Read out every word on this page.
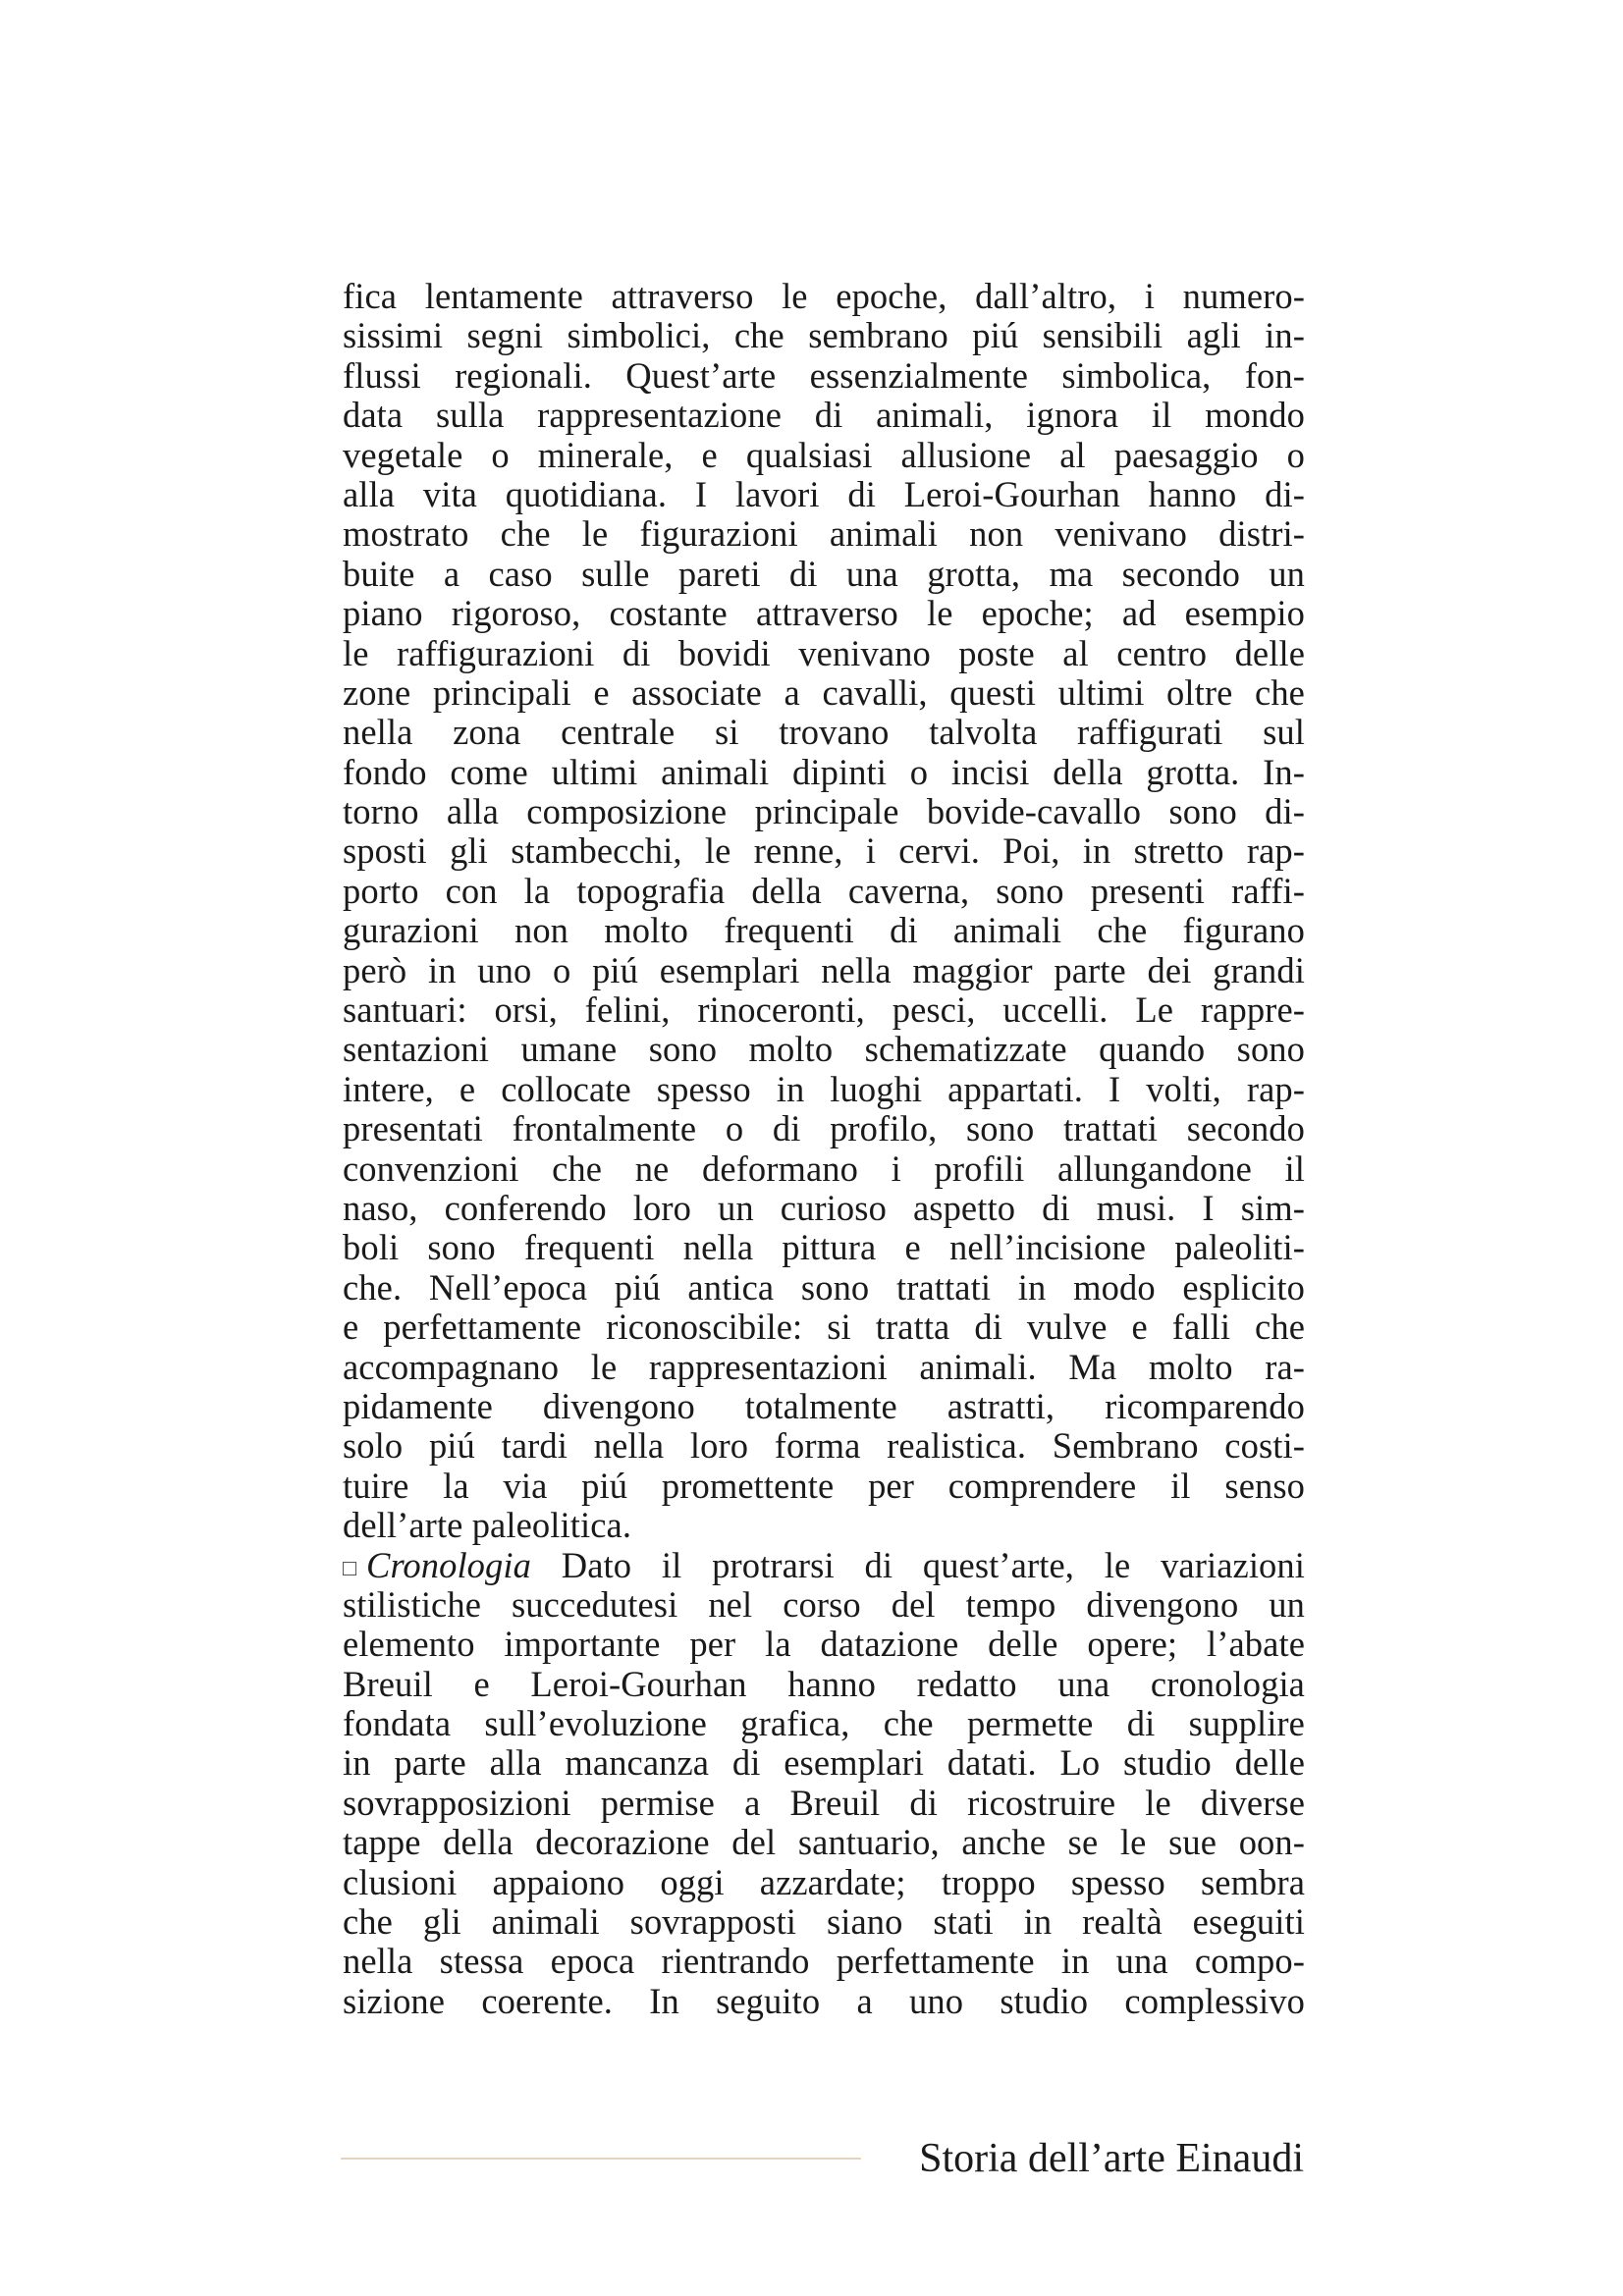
fica lentamente attraverso le epoche, dall’altro, i numero-
sissimi segni simbolici, che sembrano piú sensibili agli in-
flussi regionali. Quest’arte essenzialmente simbolica, fon-
data sulla rappresentazione di animali, ignora il mondo
vegetale o minerale, e qualsiasi allusione al paesaggio o
alla vita quotidiana. I lavori di Leroi-Gourhan hanno di-
mostrato che le figurazioni animali non venivano distri-
buite a caso sulle pareti di una grotta, ma secondo un
piano rigoroso, costante attraverso le epoche; ad esempio
le raffigurazioni di bovidi venivano poste al centro delle
zone principali e associate a cavalli, questi ultimi oltre che
nella zona centrale si trovano talvolta raffigurati sul
fondo come ultimi animali dipinti o incisi della grotta. In-
torno alla composizione principale bovide-cavallo sono di-
sposti gli stambecchi, le renne, i cervi. Poi, in stretto rap-
porto con la topografia della caverna, sono presenti raffi-
gurazioni non molto frequenti di animali che figurano
però in uno o piú esemplari nella maggior parte dei grandi
santuari: orsi, felini, rinoceronti, pesci, uccelli. Le rappre-
sentazioni umane sono molto schematizzate quando sono
intere, e collocate spesso in luoghi appartati. I volti, rap-
presentati frontalmente o di profilo, sono trattati secondo
convenzioni che ne deformano i profili allungandone il
naso, conferendo loro un curioso aspetto di musi. I sim-
boli sono frequenti nella pittura e nell’incisione paleoliti-
che. Nell’epoca piú antica sono trattati in modo esplicito
e perfettamente riconoscibile: si tratta di vulve e falli che
accompagnano le rappresentazioni animali. Ma molto ra-
pidamente divengono totalmente astratti, ricomparendo
solo piú tardi nella loro forma realistica. Sembrano costi-
tuire la via piú promettente per comprendere il senso
dell’arte paleolitica.
Cronologia Dato il protrarsi di quest’arte, le variazioni
stilistiche succedutesi nel corso del tempo divengono un
elemento importante per la datazione delle opere; l’abate
Breuil e Leroi-Gourhan hanno redatto una cronologia
fondata sull’evoluzione grafica, che permette di supplire
in parte alla mancanza di esemplari datati. Lo studio delle
sovrapposizioni permise a Breuil di ricostruire le diverse
tappe della decorazione del santuario, anche se le sue oon-
clusioni appaiono oggi azzardate; troppo spesso sembra
che gli animali sovrapposti siano stati in realtà eseguiti
nella stessa epoca rientrando perfettamente in una compo-
sizione coerente. In seguito a uno studio complessivo
Storia dell’arte Einaudi
